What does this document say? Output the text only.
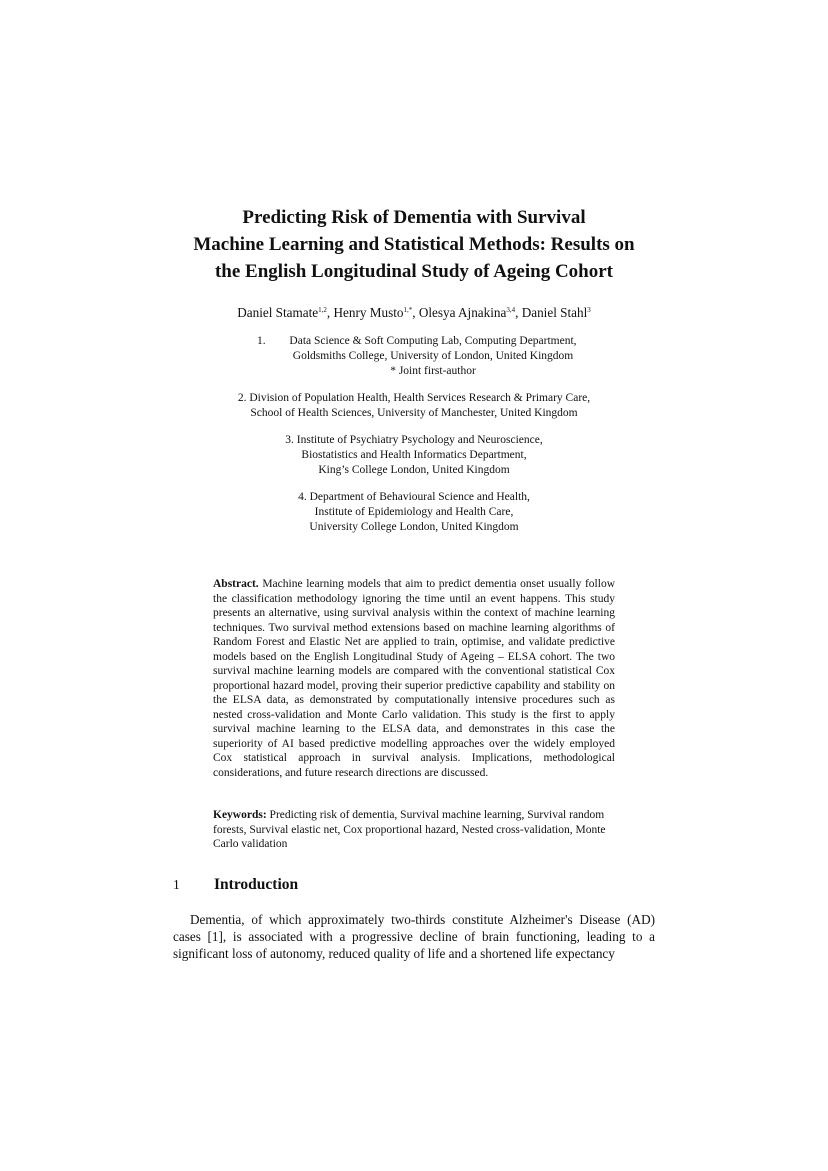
Predicting Risk of Dementia with Survival
Machine Learning and Statistical Methods: Results on
the English Longitudinal Study of Ageing Cohort
Daniel Stamate$^{1,2}$, Henry Musto$^{1,*}$, Olesya Ajnakina$^{3,4}$, Daniel Stahl$^3$
1.	Data Science & Soft Computing Lab, Computing Department,
Goldsmiths College, University of London, United Kingdom
* Joint first-author
2. Division of Population Health, Health Services Research & Primary Care,
School of Health Sciences, University of Manchester, United Kingdom
3. Institute of Psychiatry Psychology and Neuroscience,
Biostatistics and Health Informatics Department,
King’s College London, United Kingdom
4. Department of Behavioural Science and Health,
Institute of Epidemiology and Health Care,
University College London, United Kingdom
Abstract. Machine learning models that aim to predict dementia onset usually follow the classification methodology ignoring the time until an event happens. This study presents an alternative, using survival analysis within the context of machine learning techniques. Two survival method extensions based on machine learning algorithms of Random Forest and Elastic Net are applied to train, optimise, and validate predictive models based on the English Longitudinal Study of Ageing – ELSA cohort. The two survival machine learning models are compared with the conventional statistical Cox proportional hazard model, proving their superior predictive capability and stability on the ELSA data, as demonstrated by computationally intensive procedures such as nested cross-validation and Monte Carlo validation. This study is the first to apply survival machine learning to the ELSA data, and demonstrates in this case the superiority of AI based predictive modelling approaches over the widely employed Cox statistical approach in survival analysis. Implications, methodological considerations, and future research directions are discussed.
Keywords: Predicting risk of dementia, Survival machine learning, Survival random forests, Survival elastic net, Cox proportional hazard, Nested cross-validation, Monte Carlo validation
1 Introduction
Dementia, of which approximately two-thirds constitute Alzheimer's Disease (AD) cases [1], is associated with a progressive decline of brain functioning, leading to a significant loss of autonomy, reduced quality of life and a shortened life expectancy
